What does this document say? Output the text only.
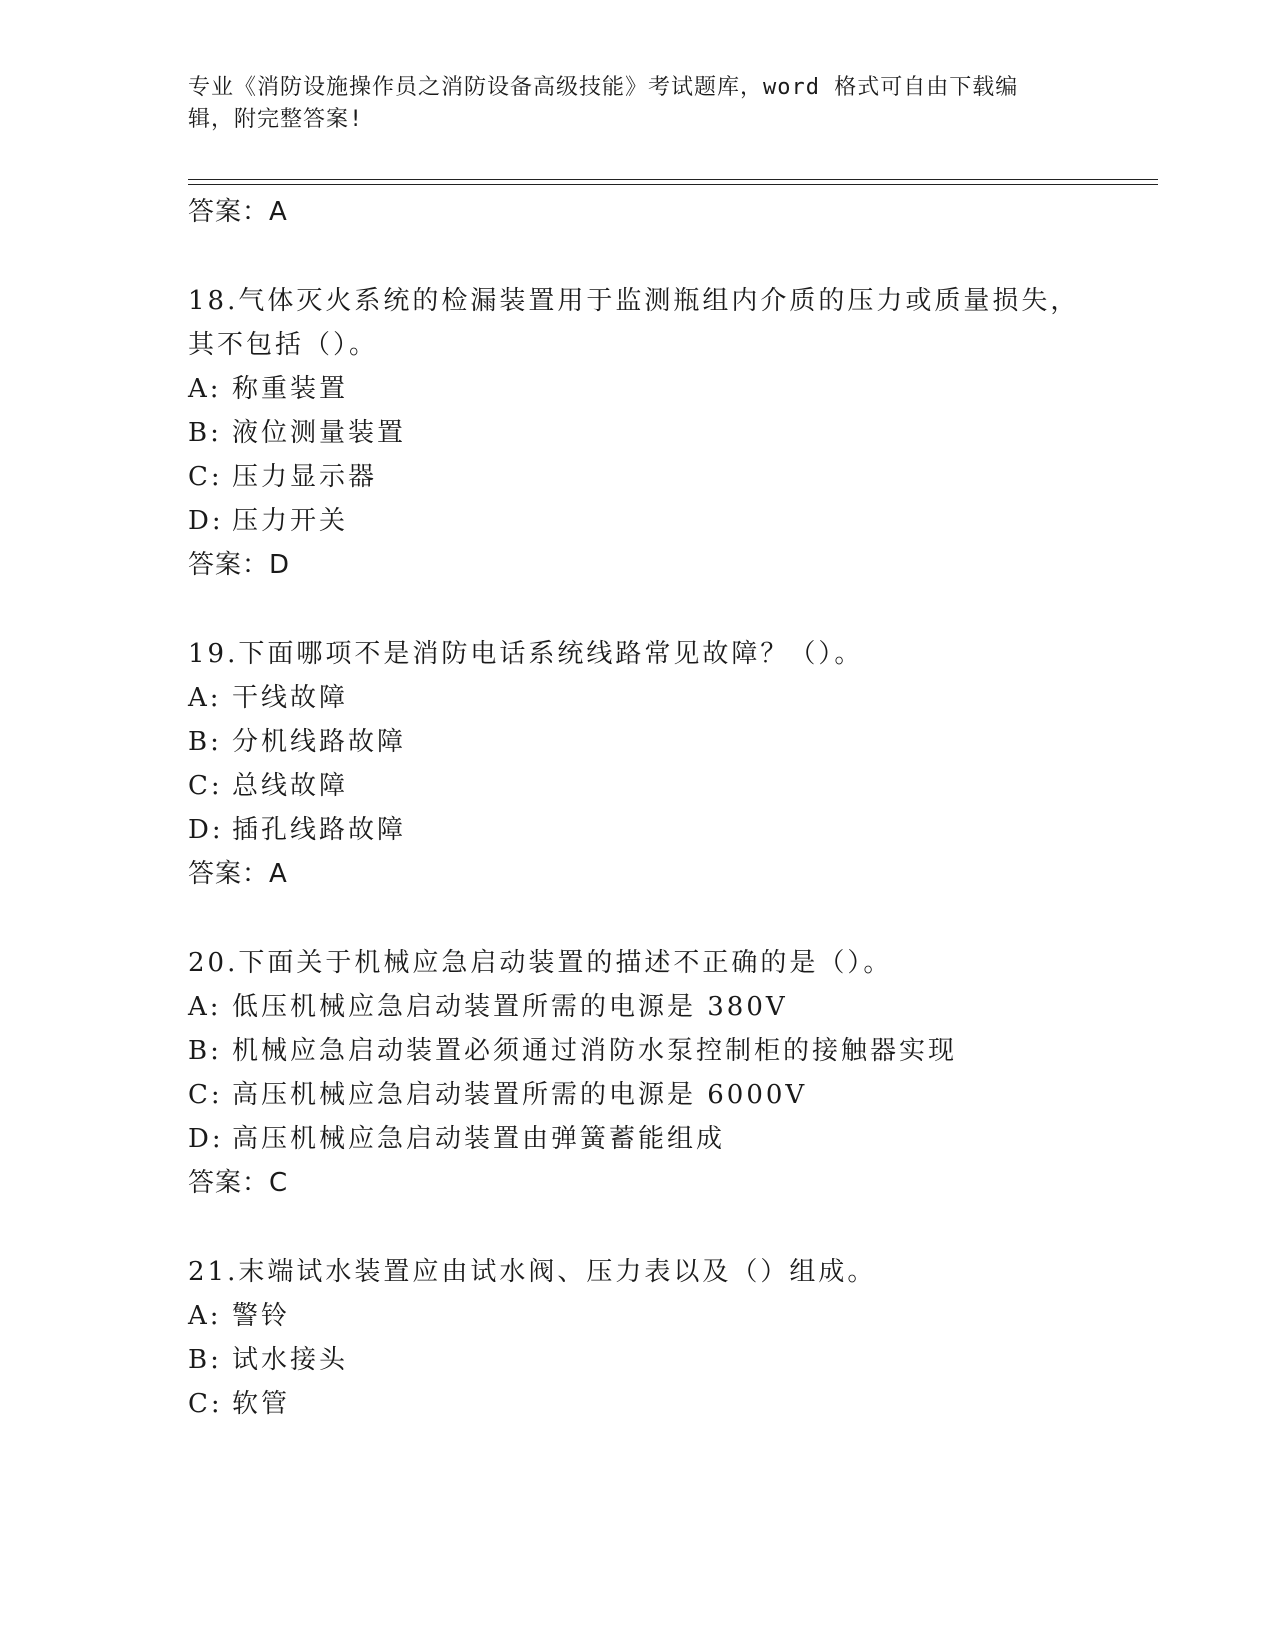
专业《消防设施操作员之消防设备高级技能》考试题库，word 格式可自由下载编
辑，附完整答案!
答案：A
18.气体灭火系统的检漏装置用于监测瓶组内介质的压力或质量损失，
其不包括（）。
A: 称重装置
B: 液位测量装置
C: 压力显示器
D: 压力开关
答案：D
19.下面哪项不是消防电话系统线路常见故障？（）。
A: 干线故障
B: 分机线路故障
C: 总线故障
D: 插孔线路故障
答案：A
20.下面关于机械应急启动装置的描述不正确的是（）。
A: 低压机械应急启动装置所需的电源是 380V
B: 机械应急启动装置必须通过消防水泵控制柜的接触器实现
C: 高压机械应急启动装置所需的电源是 6000V
D: 高压机械应急启动装置由弹簧蓄能组成
答案：C
21.末端试水装置应由试水阀、压力表以及（）组成。
A: 警铃
B: 试水接头
C: 软管
